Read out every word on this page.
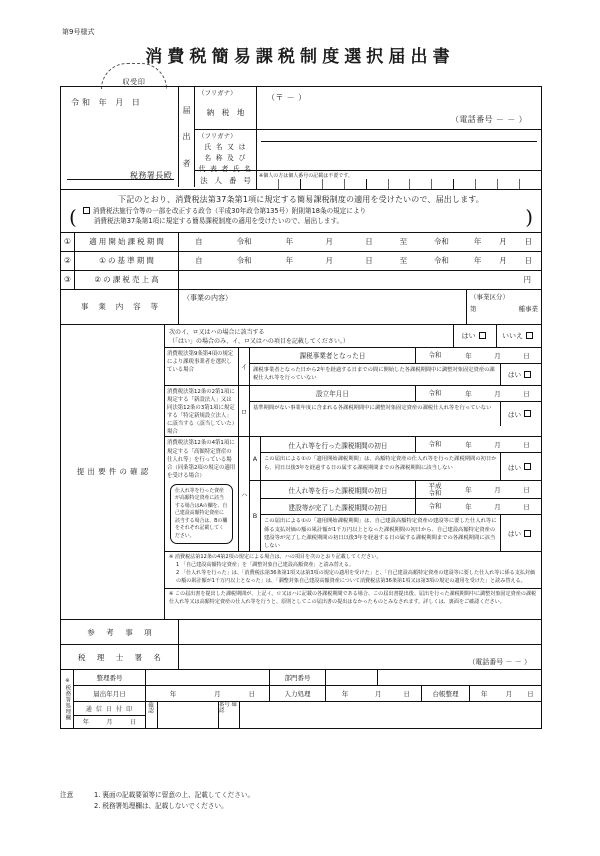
第9号様式
消費税簡易課税制度選択届出書
収受印
令和 年 月 日
税務署長殿
届
出
者
（フリガナ）
納 税 地
（〒 － ）
（電話番号 － － ）
（フリガナ）
氏 名 又 は
名 称 及 び
代 表 者 氏 名
法 人 番 号	※個人の方は個人番号の記載は不要です。
下記のとおり、消費税法第37条第1項に規定する簡易課税制度の適用を受けたいので、届出します。
(	消費税法施行令等の一部を改正する政令（平成30年政令第135号）附則第18条の規定により

消費税法第37条第1項に規定する簡易課税制度の適用を受けたいので、届出します。	)
①	適用開始課税期間	自	令和	年	月	日	至	令和	年	月	日
②	①の基準期間	自	令和	年	月	日	至	令和	年	月	日
③	②の課税売上高	円
事 業 内 容 等
（事業の内容）	（事業区分）
第	種事業
提出要件の確認
次のイ、ロ又はハの場合に該当する
（「はい」の場合のみ、イ、ロ又はハの項目を記載してください。）
はい	いいえ
消費税法第9条第4項の規定により課税事業者を選択している場合	イ
課税事業者となった日	令和	年	月	日
課税事業者となった日から2年を経過する日までの間に開始した各課税期間中に調整対象固定資産の課税仕入れ等を行っていない	はい
消費税法第12条の2第1項に規定する「新設法人」又は同法第12条の3第1項に規定する「特定新規設立法人」に該当する（該当していた）場合
ロ
設立年月日	令和	年	月	日
基準期間がない事業年度に含まれる各課税期間中に調整対象固定資産の課税仕入れ等を行っていない
はい
消費税法第12条の4第1項に規定する「高額特定資産の仕入れ等」を行っている場合（同条第2項の規定の適用を受ける場合）
仕入れ等を行った資産が高額特定資産に該当する場合はAの欄を、自己建設高額特定資産に該当する場合は、Bの欄をそれぞれ記載してください。
ハ
A
仕入れ等を行った課税期間の初日	令和	年	月	日
この届出による①の「適用開始課税期間」は、高額特定資産の仕入れ等を行った課税期間の初日から、同日以後3年を経過する日の属する課税期間までの各課税期間に該当しない	はい
B
仕入れ等を行った課税期間の初日
平成
令和	年	月	日
建設等が完了した課税期間の初日	令和	年	月	日
この届出による①の「適用開始課税期間」は、自己建設高額特定資産の建設等に要した仕入れ等に係る支払対価の額の累計額が1千万円以上となった課税期間の初日から、自己建設高額特定資産の建設等が完了した課税期間の初日以後3年を経過する日の属する課税期間までの各課税期間に該当しない
はい
※ 消費税法第12条の4第2項の規定による場合は、ハの項目を次のとおり記載してください。
1 「自己建設高額特定資産」を「調整対象自己建設高額資産」と読み替える。
2 「仕入れ等を行った」は、「消費税法第36条第1項又は第3項の規定の適用を受けた」と、「自己建設高額特定資産の建設等に要した仕入れ等に係る支払対価の額の累計額が1千万円以上となった」は、「調整対象自己建設高額資産について消費税法第36条第1項又は第3項の規定の適用を受けた」と読み替える。
※ この届出書を提出した課税期間が、上記イ、ロ又はハに記載の各課税期間である場合、この届出書提出後、届出を行った課税期間中に調整対象固定資産の課税仕入れ等又は高額特定資産の仕入れ等を行うと、原則としてこの届出書の提出はなかったものとみなされます。詳しくは、裏面をご確認ください。
参 考 事 項
税 理 士 署 名
（電話番号 － － ）
※税務署処理欄	整理番号	部門番号
届出年月日	年	月	日	入力処理	年	月	日	台帳整理	年	月	日
通 信 日 付 印
年	月	日
確認	番号 確認
注意	1. 裏面の記載要領等に留意の上、記載してください。
2. 税務署処理欄は、記載しないでください。
